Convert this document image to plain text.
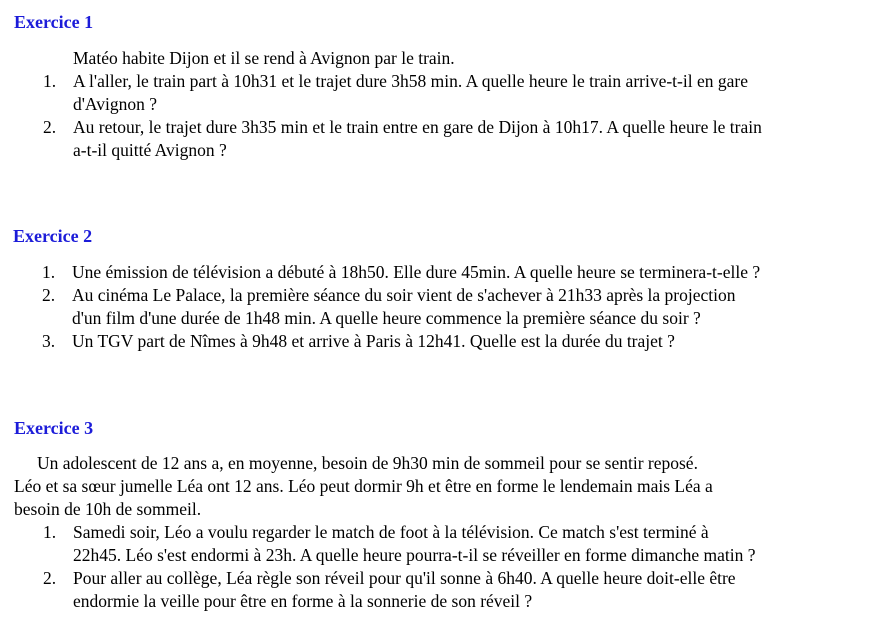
Exercice 1
Matéo habite Dijon et il se rend à Avignon par le train.
1. A l'aller, le train part à 10h31 et le trajet dure 3h58 min. A quelle heure le train arrive-t-il en gare
d'Avignon ?
2. Au retour, le trajet dure 3h35 min et le train entre en gare de Dijon à 10h17. A quelle heure le train
a-t-il quitté Avignon ?
Exercice 2
1. Une émission de télévision a débuté à 18h50. Elle dure 45min. A quelle heure se terminera-t-elle ?
2. Au cinéma Le Palace, la première séance du soir vient de s'achever à 21h33 après la projection
d'un film d'une durée de 1h48 min. A quelle heure commence la première séance du soir ?
3. Un TGV part de Nîmes à 9h48 et arrive à Paris à 12h41. Quelle est la durée du trajet ?
Exercice 3
Un adolescent de 12 ans a, en moyenne, besoin de 9h30 min de sommeil pour se sentir reposé.
Léo et sa sœur jumelle Léa ont 12 ans. Léo peut dormir 9h et être en forme le lendemain mais Léa a
besoin de 10h de sommeil.
1. Samedi soir, Léo a voulu regarder le match de foot à la télévision. Ce match s'est terminé à
22h45. Léo s'est endormi à 23h. A quelle heure pourra-t-il se réveiller en forme dimanche matin ?
2. Pour aller au collège, Léa règle son réveil pour qu'il sonne à 6h40. A quelle heure doit-elle être
endormie la veille pour être en forme à la sonnerie de son réveil ?
